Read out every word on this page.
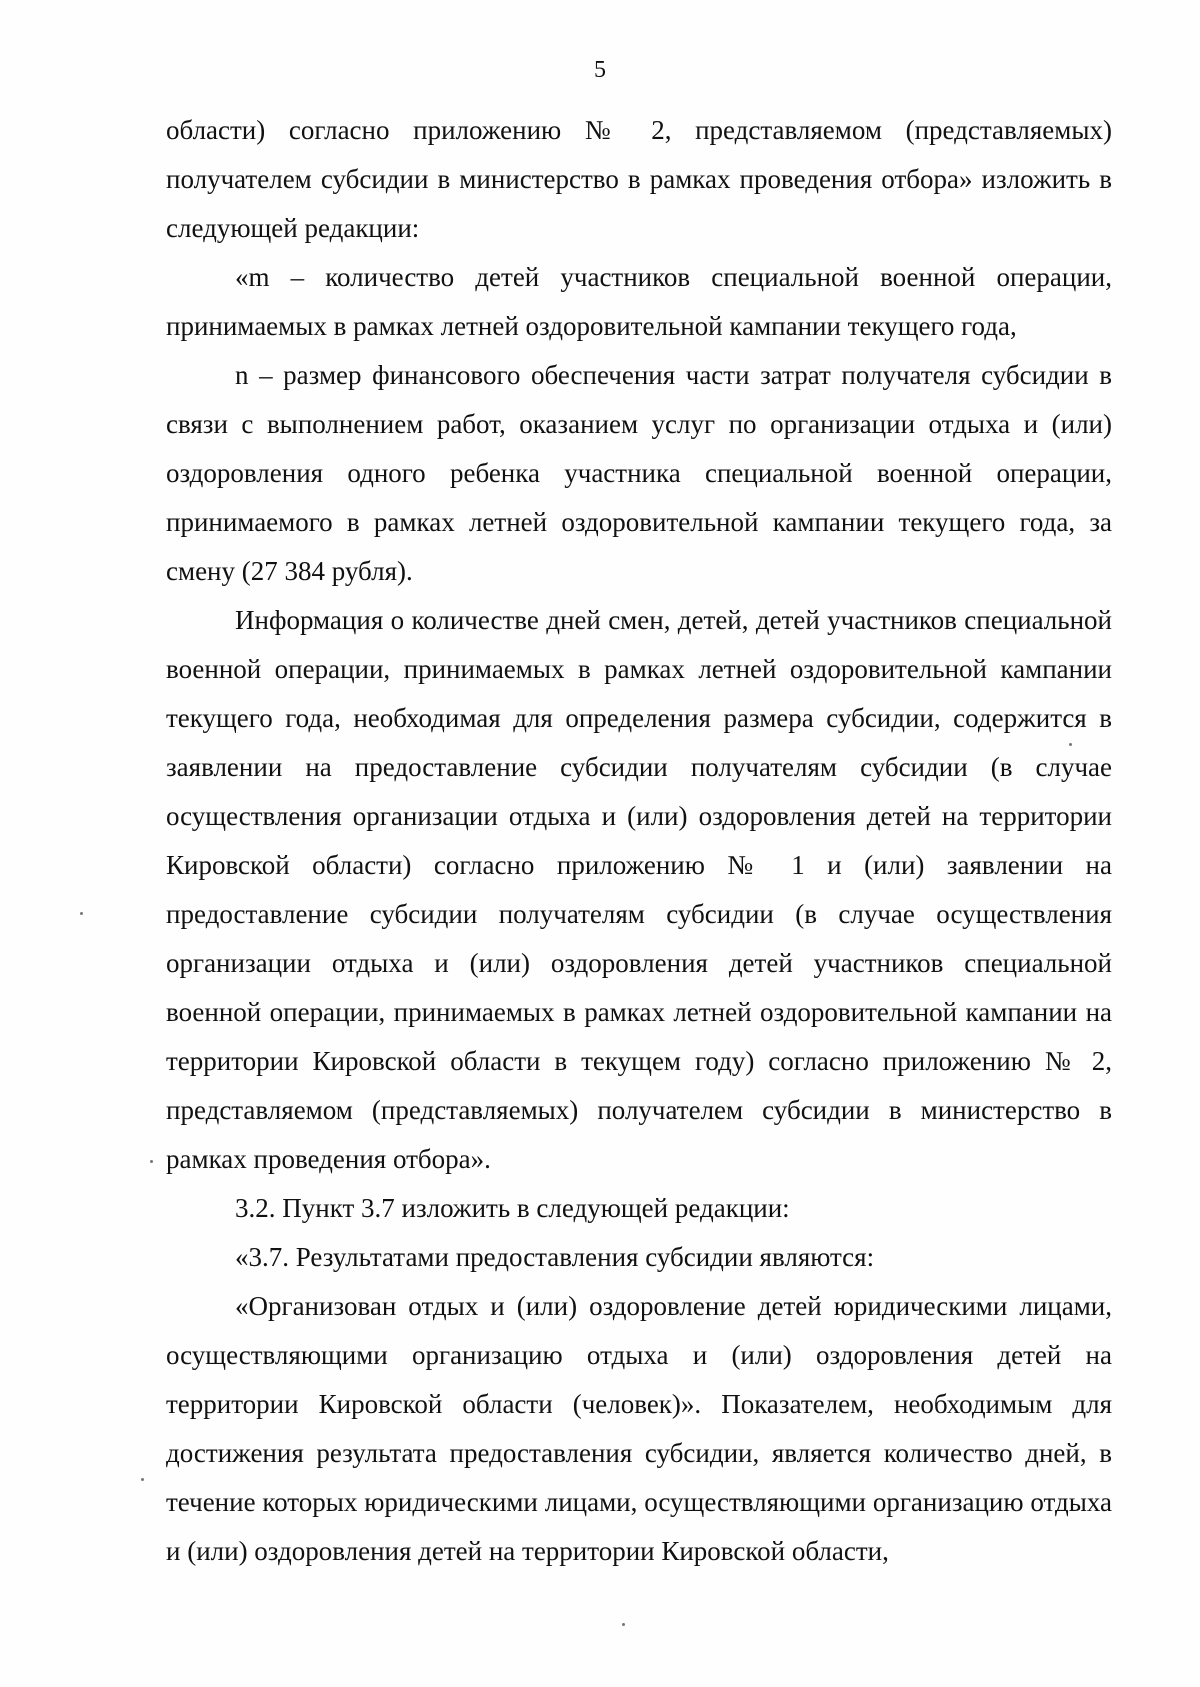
5

области) согласно приложению № 2, представляемом (представляемых) получателем субсидии в министерство в рамках проведения отбора» изложить в следующей редакции:

«m – количество детей участников специальной военной операции, принимаемых в рамках летней оздоровительной кампании текущего года,

n – размер финансового обеспечения части затрат получателя субсидии в связи с выполнением работ, оказанием услуг по организации отдыха и (или) оздоровления одного ребенка участника специальной военной операции, принимаемого в рамках летней оздоровительной кампании текущего года, за смену (27 384 рубля).

Информация о количестве дней смен, детей, детей участников специальной военной операции, принимаемых в рамках летней оздоровительной кампании текущего года, необходимая для определения размера субсидии, содержится в заявлении на предоставление субсидии получателям субсидии (в случае осуществления организации отдыха и (или) оздоровления детей на территории Кировской области) согласно приложению № 1 и (или) заявлении на предоставление субсидии получателям субсидии (в случае осуществления организации отдыха и (или) оздоровления детей участников специальной военной операции, принимаемых в рамках летней оздоровительной кампании на территории Кировской области в текущем году) согласно приложению № 2, представляемом (представляемых) получателем субсидии в министерство в рамках проведения отбора».

3.2. Пункт 3.7 изложить в следующей редакции:

«3.7. Результатами предоставления субсидии являются:

«Организован отдых и (или) оздоровление детей юридическими лицами, осуществляющими организацию отдыха и (или) оздоровления детей на территории Кировской области (человек)». Показателем, необходимым для достижения результата предоставления субсидии, является количество дней, в течение которых юридическими лицами, осуществляющими организацию отдыха и (или) оздоровления детей на территории Кировской области,
